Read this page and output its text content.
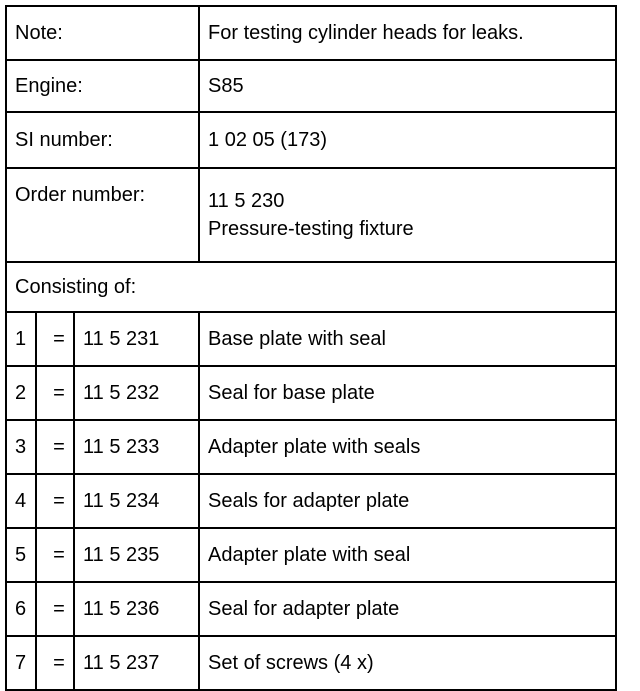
Note:			For testing cylinder heads for leaks.
Engine:			S85
SI number:			1 02 05 (173)
Order number:			11 5 230
Pressure-testing fixture

Consisting of:			
1	=	11 5 231	Base plate with seal
2	=	11 5 232	Seal for base plate
3	=	11 5 233	Adapter plate with seals
4	=	11 5 234	Seals for adapter plate
5	=	11 5 235	Adapter plate with seal
6	=	11 5 236	Seal for adapter plate
7	=	11 5 237	Set of screws (4 x)
